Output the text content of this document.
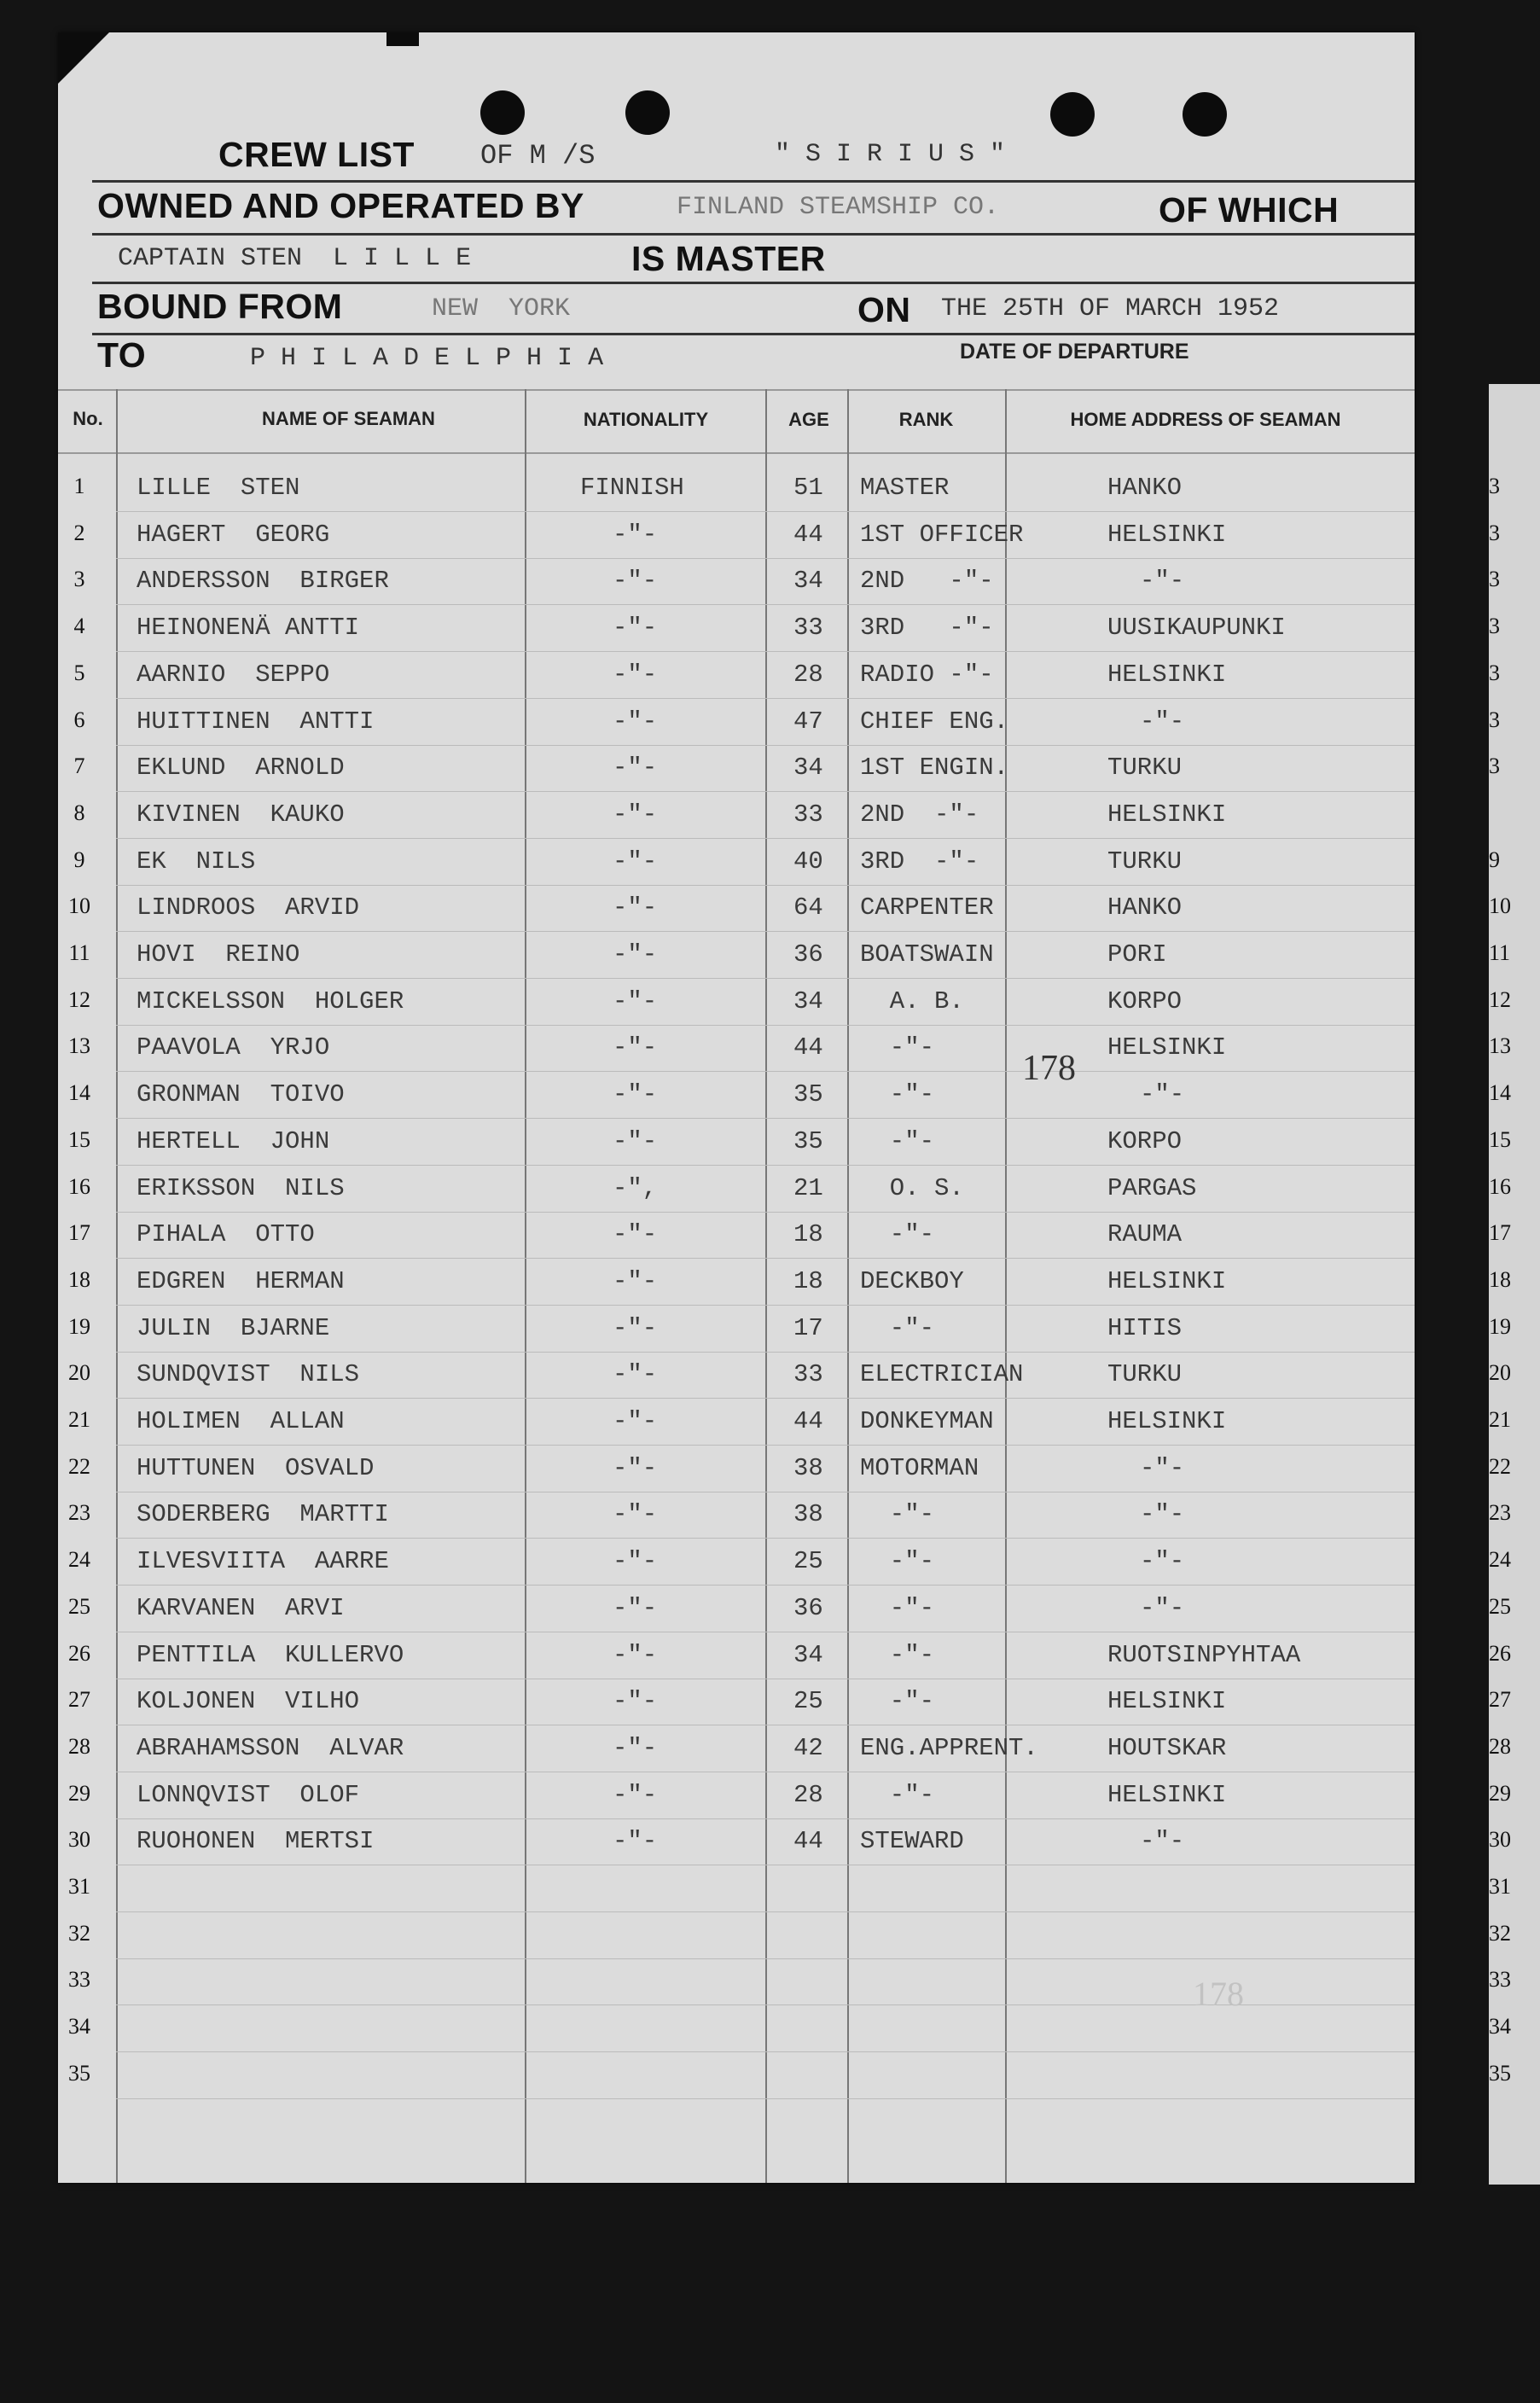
CREW LIST OF M /S	" S I R I U S "
OWNED AND OPERATED BY	FINLAND STEAMSHIP CO.	OF WHICH
CAPTAIN STEN  L I L L E	IS MASTER
BOUND FROM	NEW  YORK	ON THE 25TH OF MARCH 1952
TO	P H I L A D E L P H I A	DATE OF DEPARTURE
No.	NAME OF SEAMAN	NATIONALITY	AGE	RANK	HOME ADDRESS OF SEAMAN
1	LILLE  STEN	FINNISH	51 MASTER	HANKO
2	HAGERT  GEORG	-"-	44 1ST OFFICER	HELSINKI
3	ANDERSSON  BIRGER	-"-	34 2ND   -"-	-"-
4	HEINONENÄ ANTTI	-"-	33 3RD   -"-	UUSIKAUPUNKI
5	AARNIO  SEPPO	-"-	28 RADIO -"-	HELSINKI
6	HUITTINEN  ANTTI	-"-	47 CHIEF ENG.	-"-
7	EKLUND  ARNOLD	-"-	34 1ST ENGIN.	TURKU
8	KIVINEN  KAUKO	-"-	33 2ND  -"-	HELSINKI
9	EK  NILS	-"-	40 3RD  -"-	TURKU
10	LINDROOS  ARVID	-"-	64 CARPENTER	HANKO
11	HOVI  REINO	-"-	36 BOATSWAIN	PORI
12	MICKELSSON  HOLGER	-"-	34 A. B.	KORPO
13	PAAVOLA  YRJO	-"-	44 -"-	HELSINKI
14	GRONMAN  TOIVO	-"-	35 -"-	-"-
15	HERTELL  JOHN	-"-	35 -"-	KORPO
16	ERIKSSON  NILS	-",	21 O. S.	PARGAS
17	PIHALA  OTTO	-"-	18 -"-	RAUMA
18	EDGREN  HERMAN	-"-	18 DECKBOY	HELSINKI
19	JULIN  BJARNE	-"-	17 -"-	HITIS
20	SUNDQVIST  NILS	-"-	33 ELECTRICIAN	TURKU
21	HOLIMEN  ALLAN	-"-	44 DONKEYMAN	HELSINKI
22	HUTTUNEN  OSVALD	-"-	38 MOTORMAN	-"-
23	SODERBERG  MARTTI	-"-	38 -"-	-"-
24	ILVESVIITA  AARRE	-"-	25 -"-	-"-
25	KARVANEN  ARVI	-"-	36 -"-	-"-
26	PENTTILA  KULLERVO	-"-	34 -"-	RUOTSINPYHTAA
27	KOLJONEN  VILHO	-"-	25 -"-	HELSINKI
28	ABRAHAMSSON  ALVAR	-"-	42 ENG.APPRENT.	HOUTSKAR
29	LONNQVIST  OLOF	-"-	28 -"-	HELSINKI
30	RUOHONEN  MERTSI	-"-	44 STEWARD	-"-
31
32
33
34
35
178
178
3
3
3
3
3
3
3
9
10
11
12
13
14
15
16
17
18
19
20
21
22
23
24
25
26
27
28
29
30
31
32
33
34
35
